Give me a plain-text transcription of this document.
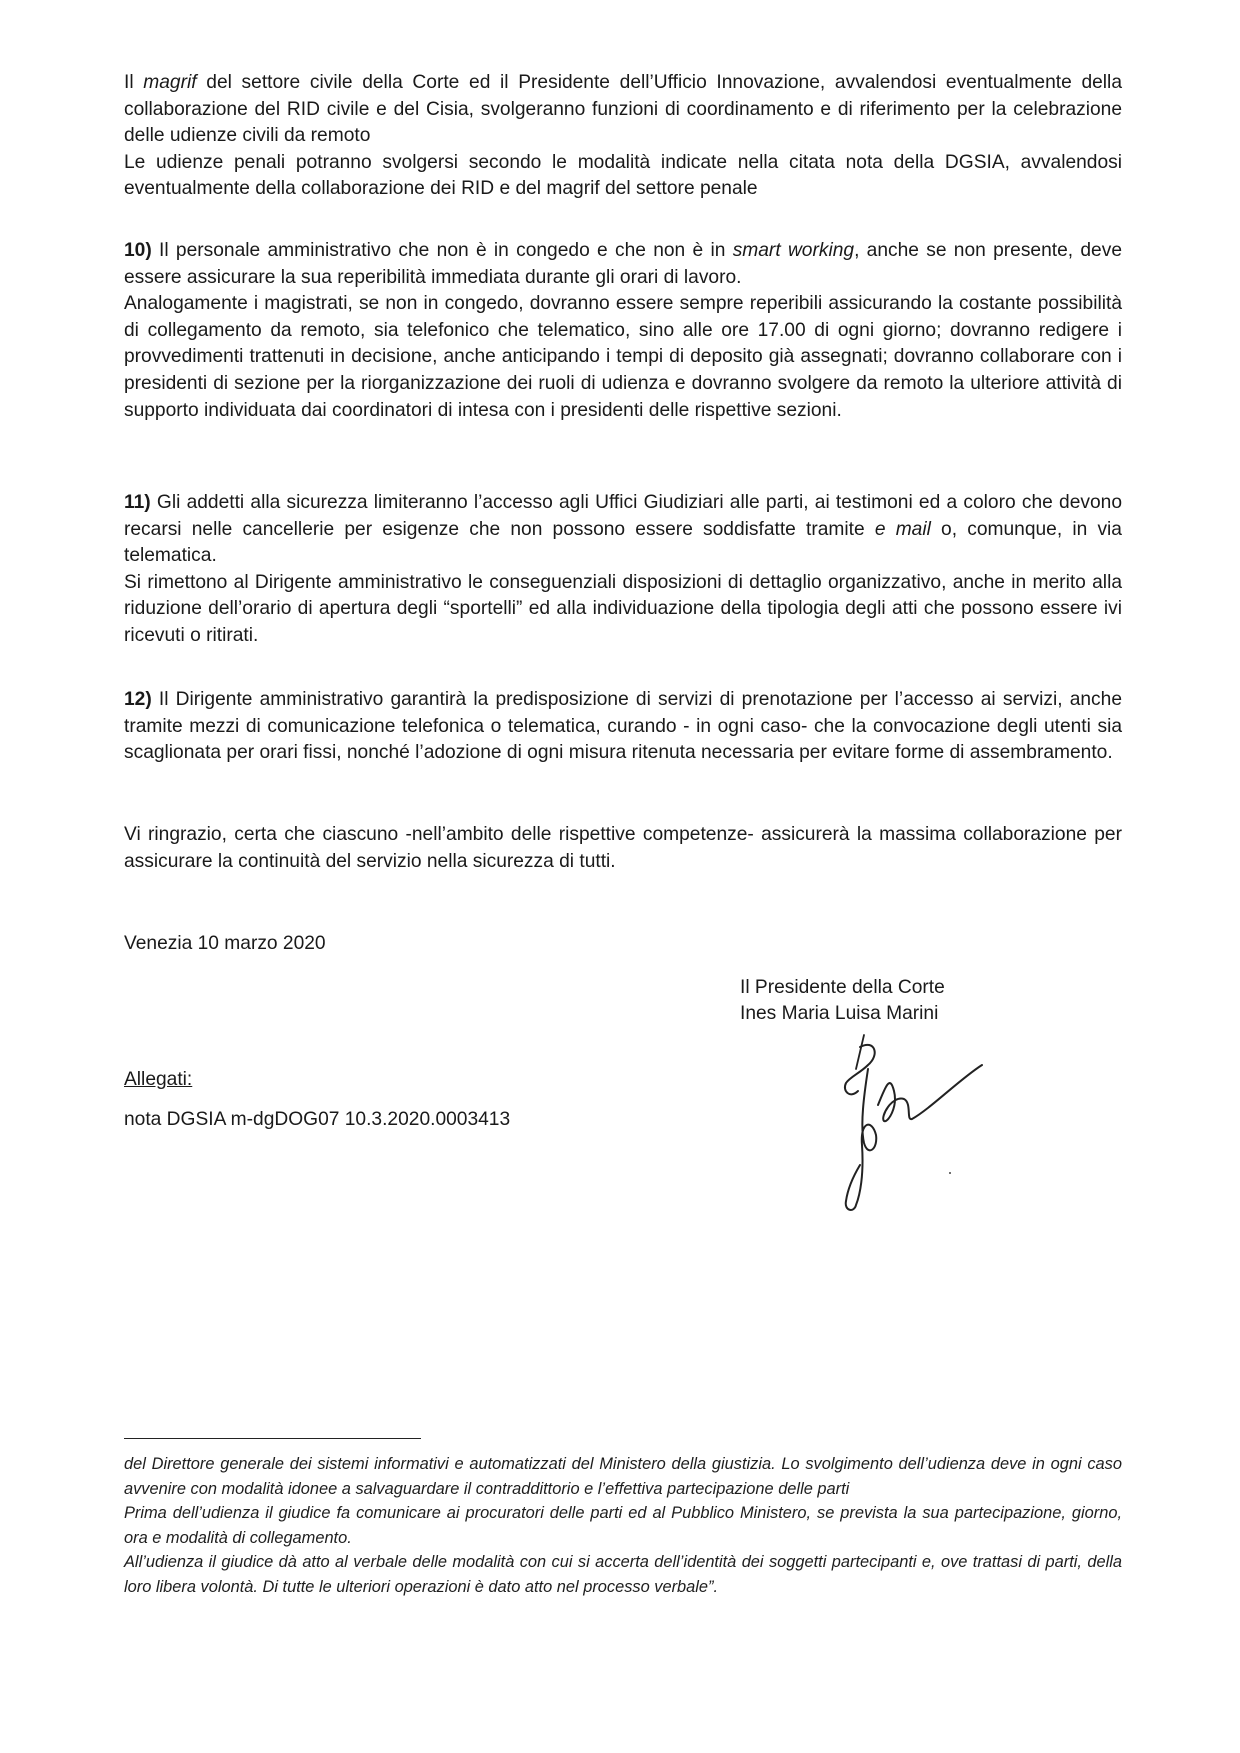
Il magrif del settore civile della Corte ed il Presidente dell’Ufficio Innovazione, avvalendosi eventualmente della collaborazione del RID civile e del Cisia, svolgeranno funzioni di coordinamento e di riferimento per la celebrazione delle udienze civili da remoto

Le udienze penali potranno svolgersi secondo le modalità indicate nella citata nota della DGSIA, avvalendosi eventualmente della collaborazione dei RID e del magrif del settore penale

10) Il personale amministrativo che non è in congedo e che non è in smart working, anche se non presente, deve essere assicurare la sua reperibilità immediata durante gli orari di lavoro.

Analogamente i magistrati, se non in congedo, dovranno essere sempre reperibili assicurando la costante possibilità di collegamento da remoto, sia telefonico che telematico, sino alle ore 17.00 di ogni giorno; dovranno redigere i provvedimenti trattenuti in decisione, anche anticipando i tempi di deposito già assegnati; dovranno collaborare con i presidenti di sezione per la riorganizzazione dei ruoli di udienza e dovranno svolgere da remoto la ulteriore attività di supporto individuata dai coordinatori di intesa con i presidenti delle rispettive sezioni.

11) Gli addetti alla sicurezza limiteranno l’accesso agli Uffici Giudiziari alle parti, ai testimoni ed a coloro che devono recarsi nelle cancellerie per esigenze che non possono essere soddisfatte tramite e mail o, comunque, in via telematica.

Si rimettono al Dirigente amministrativo le conseguenziali disposizioni di dettaglio organizzativo, anche in merito alla riduzione dell’orario di apertura degli “sportelli” ed alla individuazione della tipologia degli atti che possono essere ivi ricevuti o ritirati.

12) Il Dirigente amministrativo garantirà la predisposizione di servizi di prenotazione per l’accesso ai servizi, anche tramite mezzi di comunicazione telefonica o telematica, curando - in ogni caso- che la convocazione degli utenti sia scaglionata per orari fissi, nonché l’adozione di ogni misura ritenuta necessaria per evitare forme di assembramento.

Vi ringrazio, certa che ciascuno -nell’ambito delle rispettive competenze- assicurerà la massima collaborazione per assicurare la continuità del servizio nella sicurezza di tutti.

Venezia 10 marzo 2020
Il Presidente della Corte
Ines Maria Luisa Marini
Allegati:
nota DGSIA m-dgDOG07 10.3.2020.0003413

del Direttore generale dei sistemi informativi e automatizzati del Ministero della giustizia. Lo svolgimento dell’udienza deve in ogni caso avvenire con modalità idonee a salvaguardare il contraddittorio e l’effettiva partecipazione delle parti

Prima dell’udienza il giudice fa comunicare ai procuratori delle parti ed al Pubblico Ministero, se prevista la sua partecipazione, giorno, ora e modalità di collegamento.

All’udienza il giudice dà atto al verbale delle modalità con cui si accerta dell’identità dei soggetti partecipanti e, ove trattasi di parti, della loro libera volontà. Di tutte le ulteriori operazioni è dato atto nel processo verbale”.
